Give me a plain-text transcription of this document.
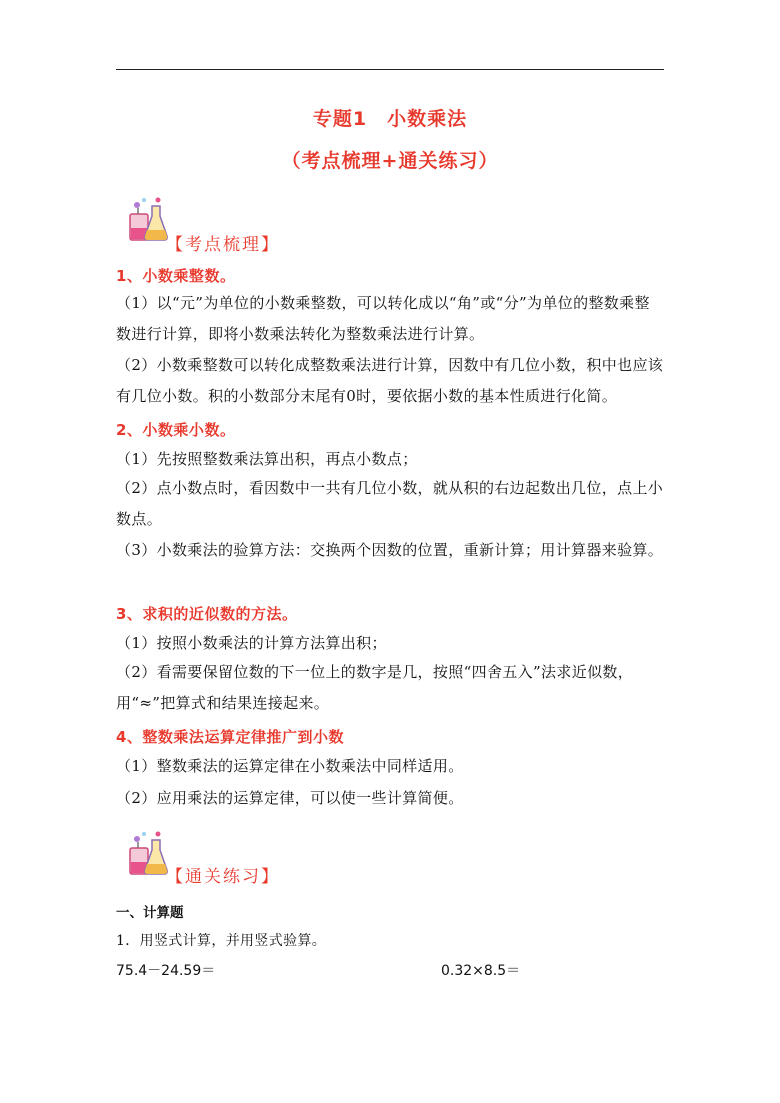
专题1　小数乘法
（考点梳理+通关练习）
【考点梳理】
1、小数乘整数。
（1）以“元”为单位的小数乘整数，可以转化成以“角”或“分”为单位的整数乘整数进行计算，即将小数乘法转化为整数乘法进行计算。
（2）小数乘整数可以转化成整数乘法进行计算，因数中有几位小数，积中也应该有几位小数。积的小数部分末尾有0时，要依据小数的基本性质进行化简。
2、小数乘小数。
（1）先按照整数乘法算出积，再点小数点；
（2）点小数点时，看因数中一共有几位小数，就从积的右边起数出几位，点上小数点。
（3）小数乘法的验算方法：交换两个因数的位置，重新计算；用计算器来验算。
3、求积的近似数的方法。
（1）按照小数乘法的计算方法算出积；
（2）看需要保留位数的下一位上的数字是几，按照“四舍五入”法求近似数，用“≈”把算式和结果连接起来。
4、整数乘法运算定律推广到小数
（1）整数乘法的运算定律在小数乘法中同样适用。
（2）应用乘法的运算定律，可以使一些计算简便。
【通关练习】
一、计算题
1．用竖式计算，并用竖式验算。
75.4－24.59＝	0.32×8.5＝
